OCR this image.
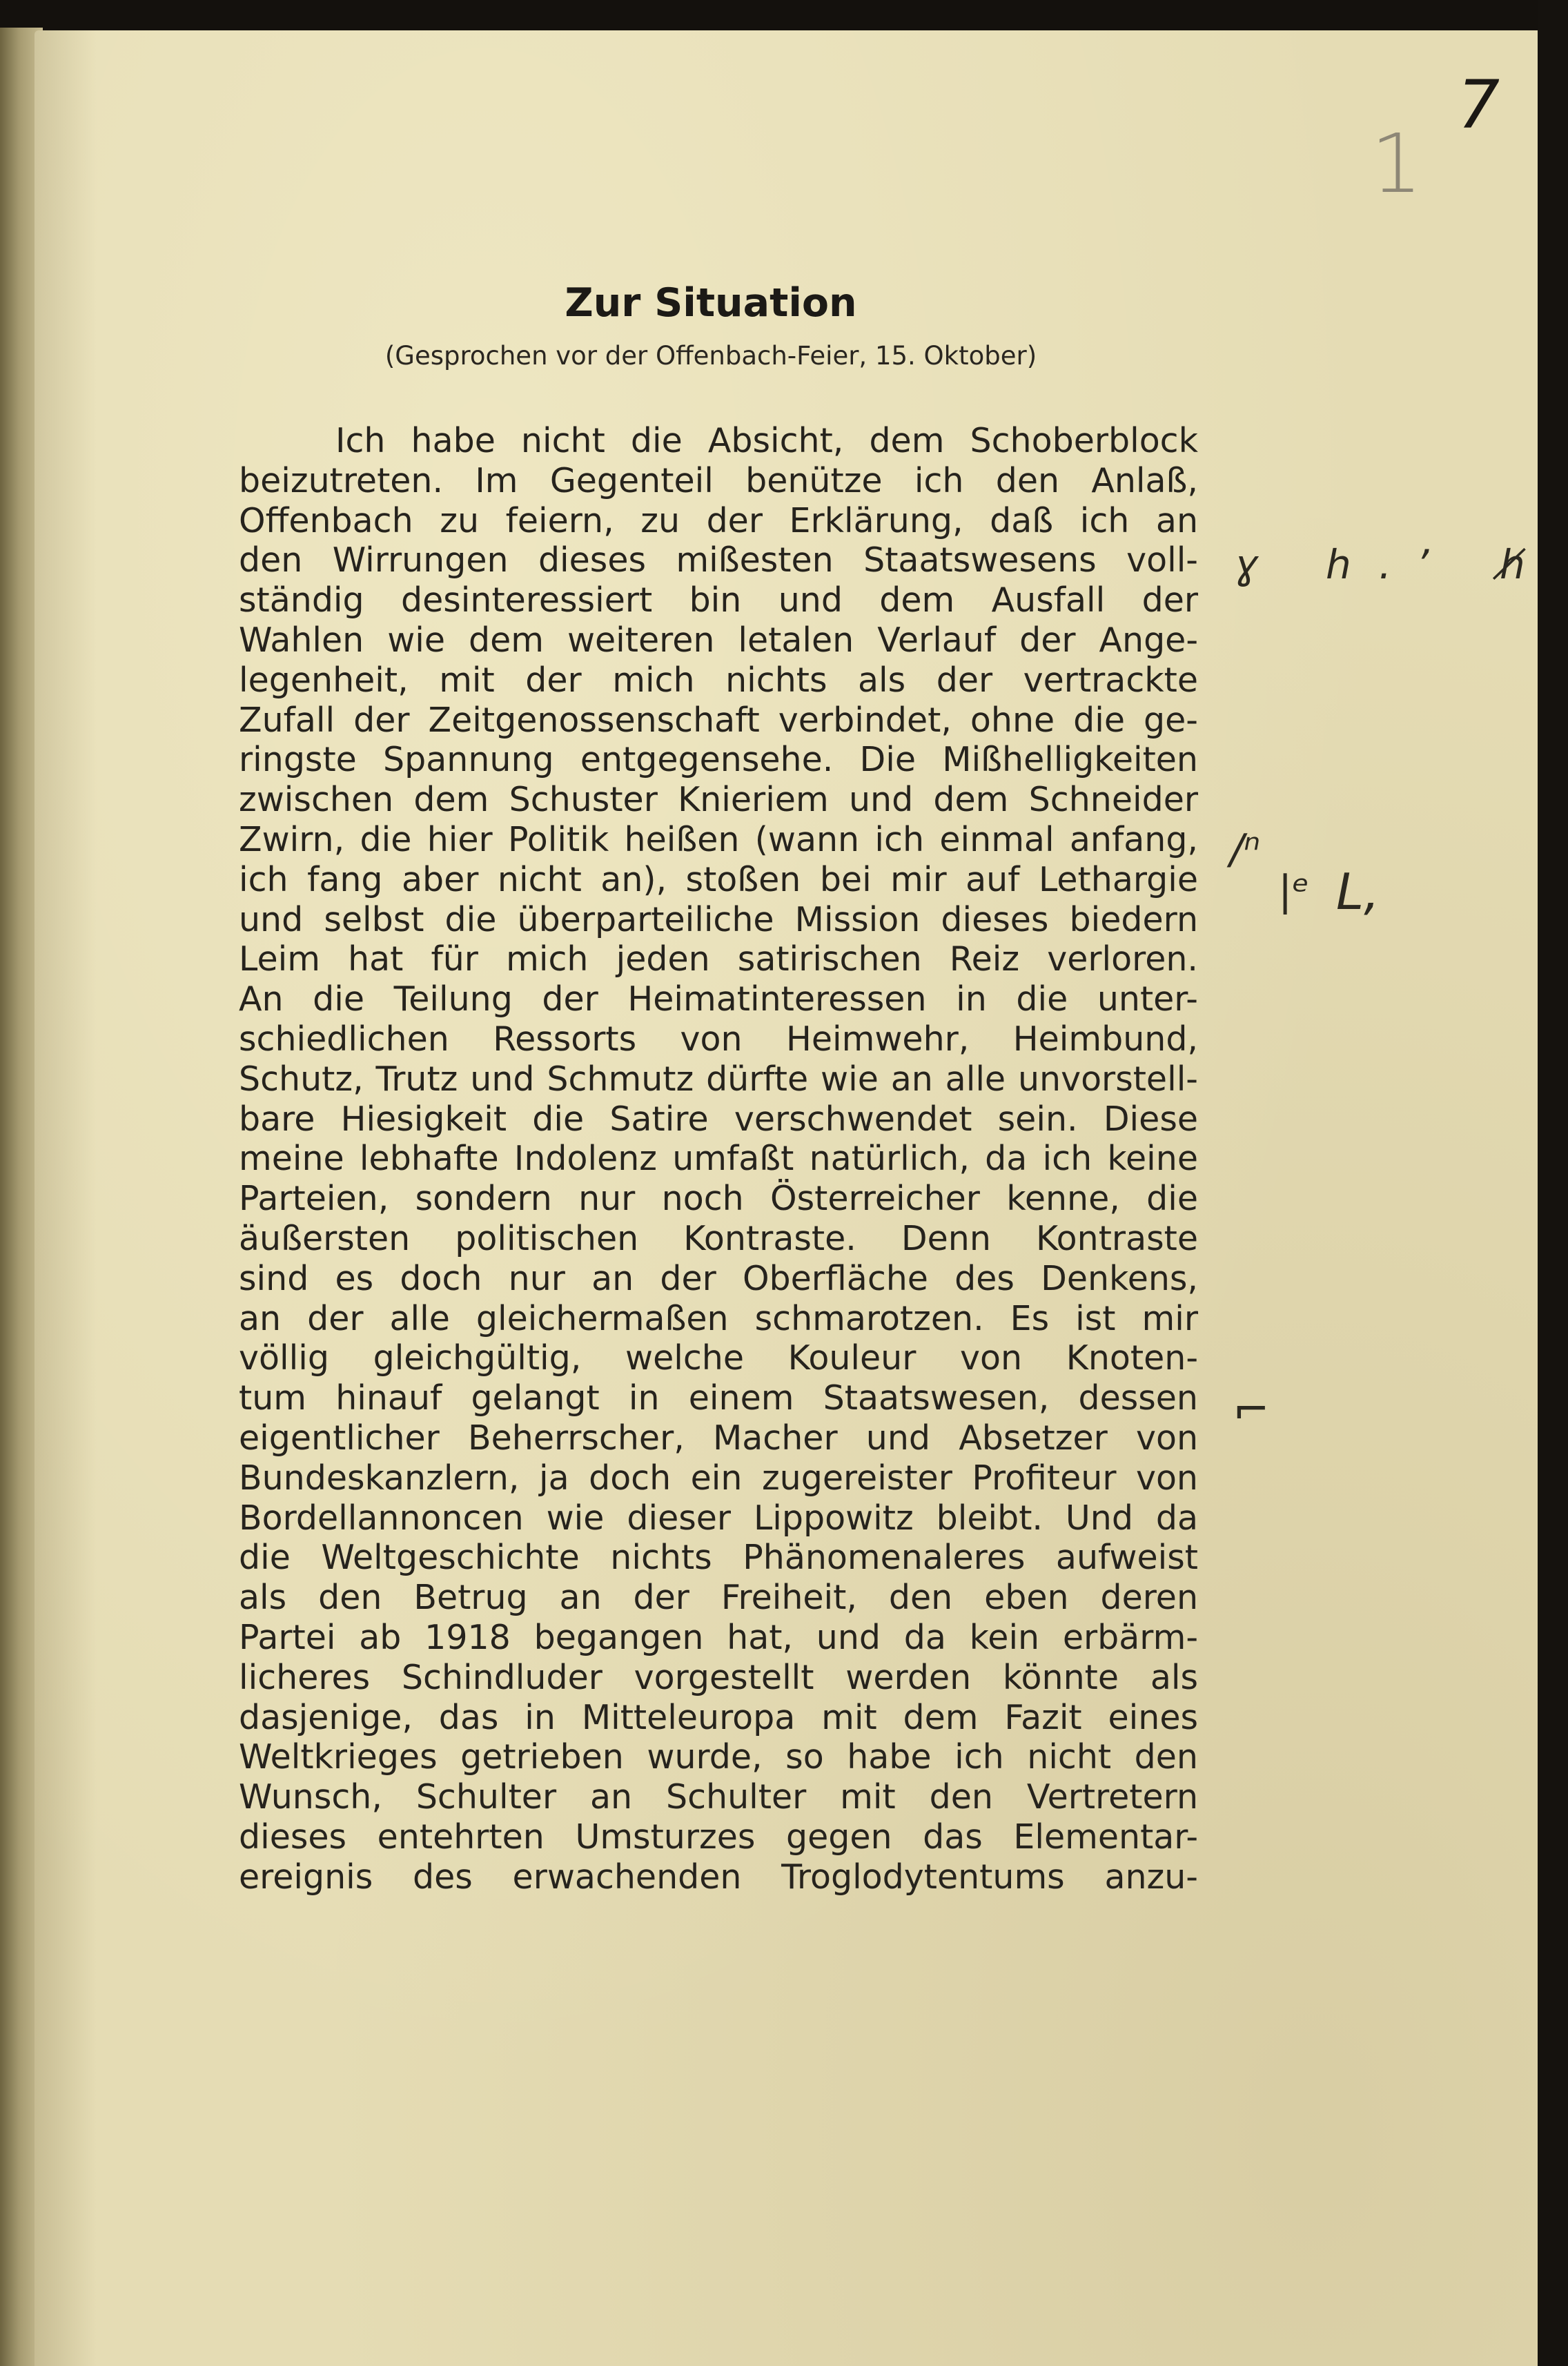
7
1
Zur Situation
(Gesprochen vor der Offenbach-Feier, 15. Oktober)
Ich habe nicht die Absicht, dem Schoberblock
beizutreten. Im Gegenteil benütze ich den Anlaß,
Offenbach zu feiern, zu der Erklärung, daß ich an
den Wirrungen dieses mißesten Staatswesens voll-
ständig desinteressiert bin und dem Ausfall der
Wahlen wie dem weiteren letalen Verlauf der Ange-
legenheit, mit der mich nichts als der vertrackte
Zufall der Zeitgenossenschaft verbindet, ohne die ge-
ringste Spannung entgegensehe. Die Mißhelligkeiten
zwischen dem Schuster Knieriem und dem Schneider
Zwirn, die hier Politik heißen (wann ich einmal anfang,
ich fang aber nicht an), stoßen bei mir auf Lethargie
und selbst die überparteiliche Mission dieses biedern
Leim hat für mich jeden satirischen Reiz verloren.
An die Teilung der Heimatinteressen in die unter-
schiedlichen Ressorts von Heimwehr, Heimbund,
Schutz, Trutz und Schmutz dürfte wie an alle unvorstell-
bare Hiesigkeit die Satire verschwendet sein. Diese
meine lebhafte Indolenz umfaßt natürlich, da ich keine
Parteien, sondern nur noch Österreicher kenne, die
äußersten politischen Kontraste. Denn Kontraste
sind es doch nur an der Oberfläche des Denkens,
an der alle gleichermaßen schmarotzen. Es ist mir
völlig gleichgültig, welche Kouleur von Knoten-
tum hinauf gelangt in einem Staatswesen, dessen
eigentlicher Beherrscher, Macher und Absetzer von
Bundeskanzlern, ja doch ein zugereister Profiteur von
Bordellannoncen wie dieser Lippowitz bleibt. Und da
die Weltgeschichte nichts Phänomenaleres aufweist
als den Betrug an der Freiheit, den eben deren
Partei ab 1918 begangen hat, und da kein erbärm-
licheres Schindluder vorgestellt werden könnte als
dasjenige, das in Mitteleuropa mit dem Fazit eines
Weltkrieges getrieben wurde, so habe ich nicht den
Wunsch, Schulter an Schulter mit den Vertretern
dieses entehrten Umsturzes gegen das Elementar-
ereignis des erwachenden Troglodytentums anzu-
ɣ ℎ.ʼ ℎ̸
/ⁿ
|ᵉ L,
⌐
